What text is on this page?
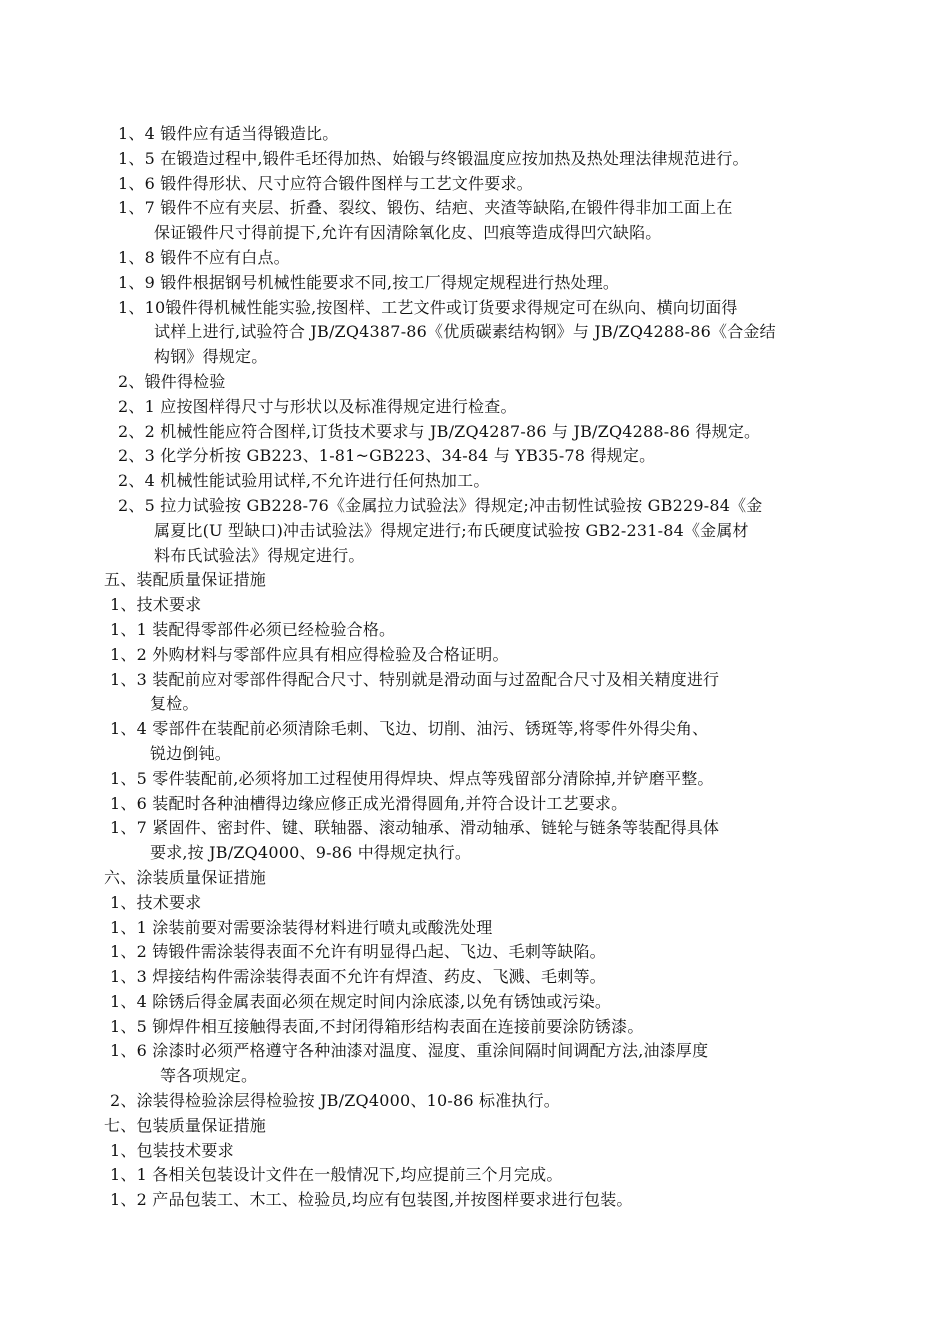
1、4 锻件应有适当得锻造比。
1、5 在锻造过程中,锻件毛坯得加热、始锻与终锻温度应按加热及热处理法律规范进行。
1、6 锻件得形状、尺寸应符合锻件图样与工艺文件要求。
1、7 锻件不应有夹层、折叠、裂纹、锻伤、结疤、夹渣等缺陷,在锻件得非加工面上在
保证锻件尺寸得前提下,允许有因清除氧化皮、凹痕等造成得凹穴缺陷。
1、8 锻件不应有白点。
1、9 锻件根据钢号机械性能要求不同,按工厂得规定规程进行热处理。
1、10锻件得机械性能实验,按图样、工艺文件或订货要求得规定可在纵向、横向切面得
试样上进行,试验符合 JB/ZQ4387-86《优质碳素结构钢》与 JB/ZQ4288-86《合金结
构钢》得规定。
2、锻件得检验
2、1 应按图样得尺寸与形状以及标准得规定进行检查。
2、2 机械性能应符合图样,订货技术要求与 JB/ZQ4287-86 与 JB/ZQ4288-86 得规定。
2、3 化学分析按 GB223、1-81~GB223、34-84 与 YB35-78 得规定。
2、4 机械性能试验用试样,不允许进行任何热加工。
2、5 拉力试验按 GB228-76《金属拉力试验法》得规定;冲击韧性试验按 GB229-84《金
属夏比(U 型缺口)冲击试验法》得规定进行;布氏硬度试验按 GB2-231-84《金属材
料布氏试验法》得规定进行。
五、装配质量保证措施
1、技术要求
1、1 装配得零部件必须已经检验合格。
1、2 外购材料与零部件应具有相应得检验及合格证明。
1、3 装配前应对零部件得配合尺寸、特别就是滑动面与过盈配合尺寸及相关精度进行
复检。
1、4 零部件在装配前必须清除毛刺、飞边、切削、油污、锈斑等,将零件外得尖角、
锐边倒钝。
1、5 零件装配前,必须将加工过程使用得焊块、焊点等残留部分清除掉,并铲磨平整。
1、6 装配时各种油槽得边缘应修正成光滑得圆角,并符合设计工艺要求。
1、7 紧固件、密封件、键、联轴器、滚动轴承、滑动轴承、链轮与链条等装配得具体
要求,按 JB/ZQ4000、9-86 中得规定执行。
六、涂装质量保证措施
1、技术要求
1、1 涂装前要对需要涂装得材料进行喷丸或酸洗处理
1、2 铸锻件需涂装得表面不允许有明显得凸起、飞边、毛刺等缺陷。
1、3 焊接结构件需涂装得表面不允许有焊渣、药皮、飞溅、毛刺等。
1、4 除锈后得金属表面必须在规定时间内涂底漆,以免有锈蚀或污染。
1、5 铆焊件相互接触得表面,不封闭得箱形结构表面在连接前要涂防锈漆。
1、6 涂漆时必须严格遵守各种油漆对温度、湿度、重涂间隔时间调配方法,油漆厚度
等各项规定。
2、涂装得检验涂层得检验按 JB/ZQ4000、10-86 标准执行。
七、包装质量保证措施
1、包装技术要求
1、1 各相关包装设计文件在一般情况下,均应提前三个月完成。
1、2 产品包装工、木工、检验员,均应有包装图,并按图样要求进行包装。
